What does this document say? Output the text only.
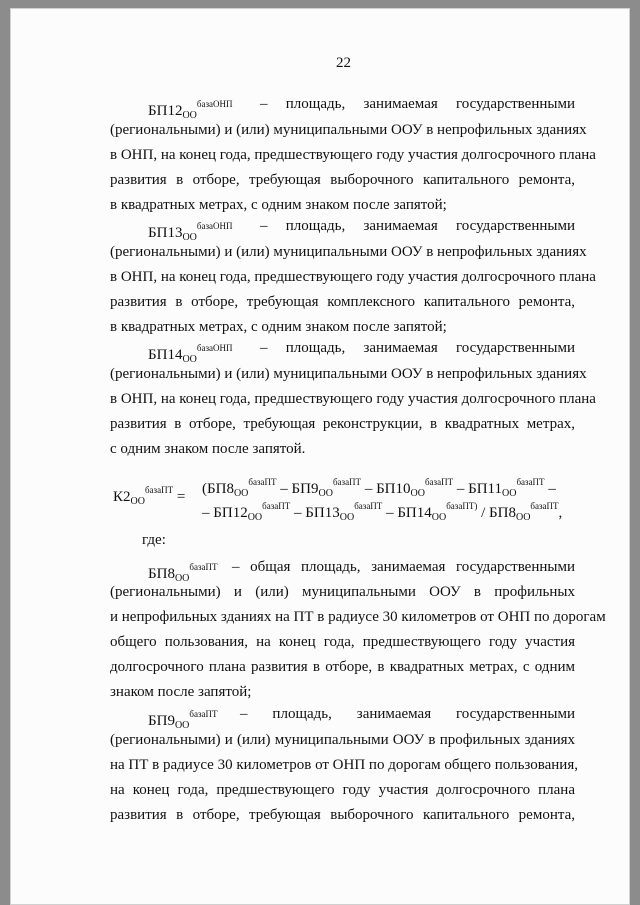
22
$БП12_{ОО}^{базаОНП}$ – площадь, занимаемая государственными
(региональными) и (или) муниципальными ООУ в непрофильных зданиях
в ОНП, на конец года, предшествующего году участия долгосрочного плана
развития в отборе, требующая выборочного капитального ремонта,
в квадратных метрах, с одним знаком после запятой;
$БП13_{ОО}^{базаОНП}$ – площадь, занимаемая государственными
(региональными) и (или) муниципальными ООУ в непрофильных зданиях
в ОНП, на конец года, предшествующего году участия долгосрочного плана
развития в отборе, требующая комплексного капитального ремонта,
в квадратных метрах, с одним знаком после запятой;
$БП14_{ОО}^{базаОНП}$ – площадь, занимаемая государственными
(региональными) и (или) муниципальными ООУ в непрофильных зданиях
в ОНП, на конец года, предшествующего году участия долгосрочного плана
развития в отборе, требующая реконструкции, в квадратных метрах,
с одним знаком после запятой.
$К2_{ОО}^{базаПТ} = (БП8_{ОО}^{базаПТ} - БП9_{ОО}^{базаПТ} - БП10_{ОО}^{базаПТ} - БП11_{ОО}^{базаПТ}$ –
– $БП12_{ОО}^{базаПТ} - БП13_{ОО}^{базаПТ} - БП14_{ОО}^{базаПТ)} / БП8_{ОО}^{базаПТ}$,
где:
$БП8_{ОО}^{базаПТ}$ – общая площадь, занимаемая государственными
(региональными) и (или) муниципальными ООУ в профильных
и непрофильных зданиях на ПТ в радиусе 30 километров от ОНП по дорогам
общего пользования, на конец года, предшествующего году участия
долгосрочного плана развития в отборе, в квадратных метрах, с одним
знаком после запятой;
$БП9_{ОО}^{базаПТ}$ – площадь, занимаемая государственными
(региональными) и (или) муниципальными ООУ в профильных зданиях
на ПТ в радиусе 30 километров от ОНП по дорогам общего пользования,
на конец года, предшествующего году участия долгосрочного плана
развития в отборе, требующая выборочного капитального ремонта,
